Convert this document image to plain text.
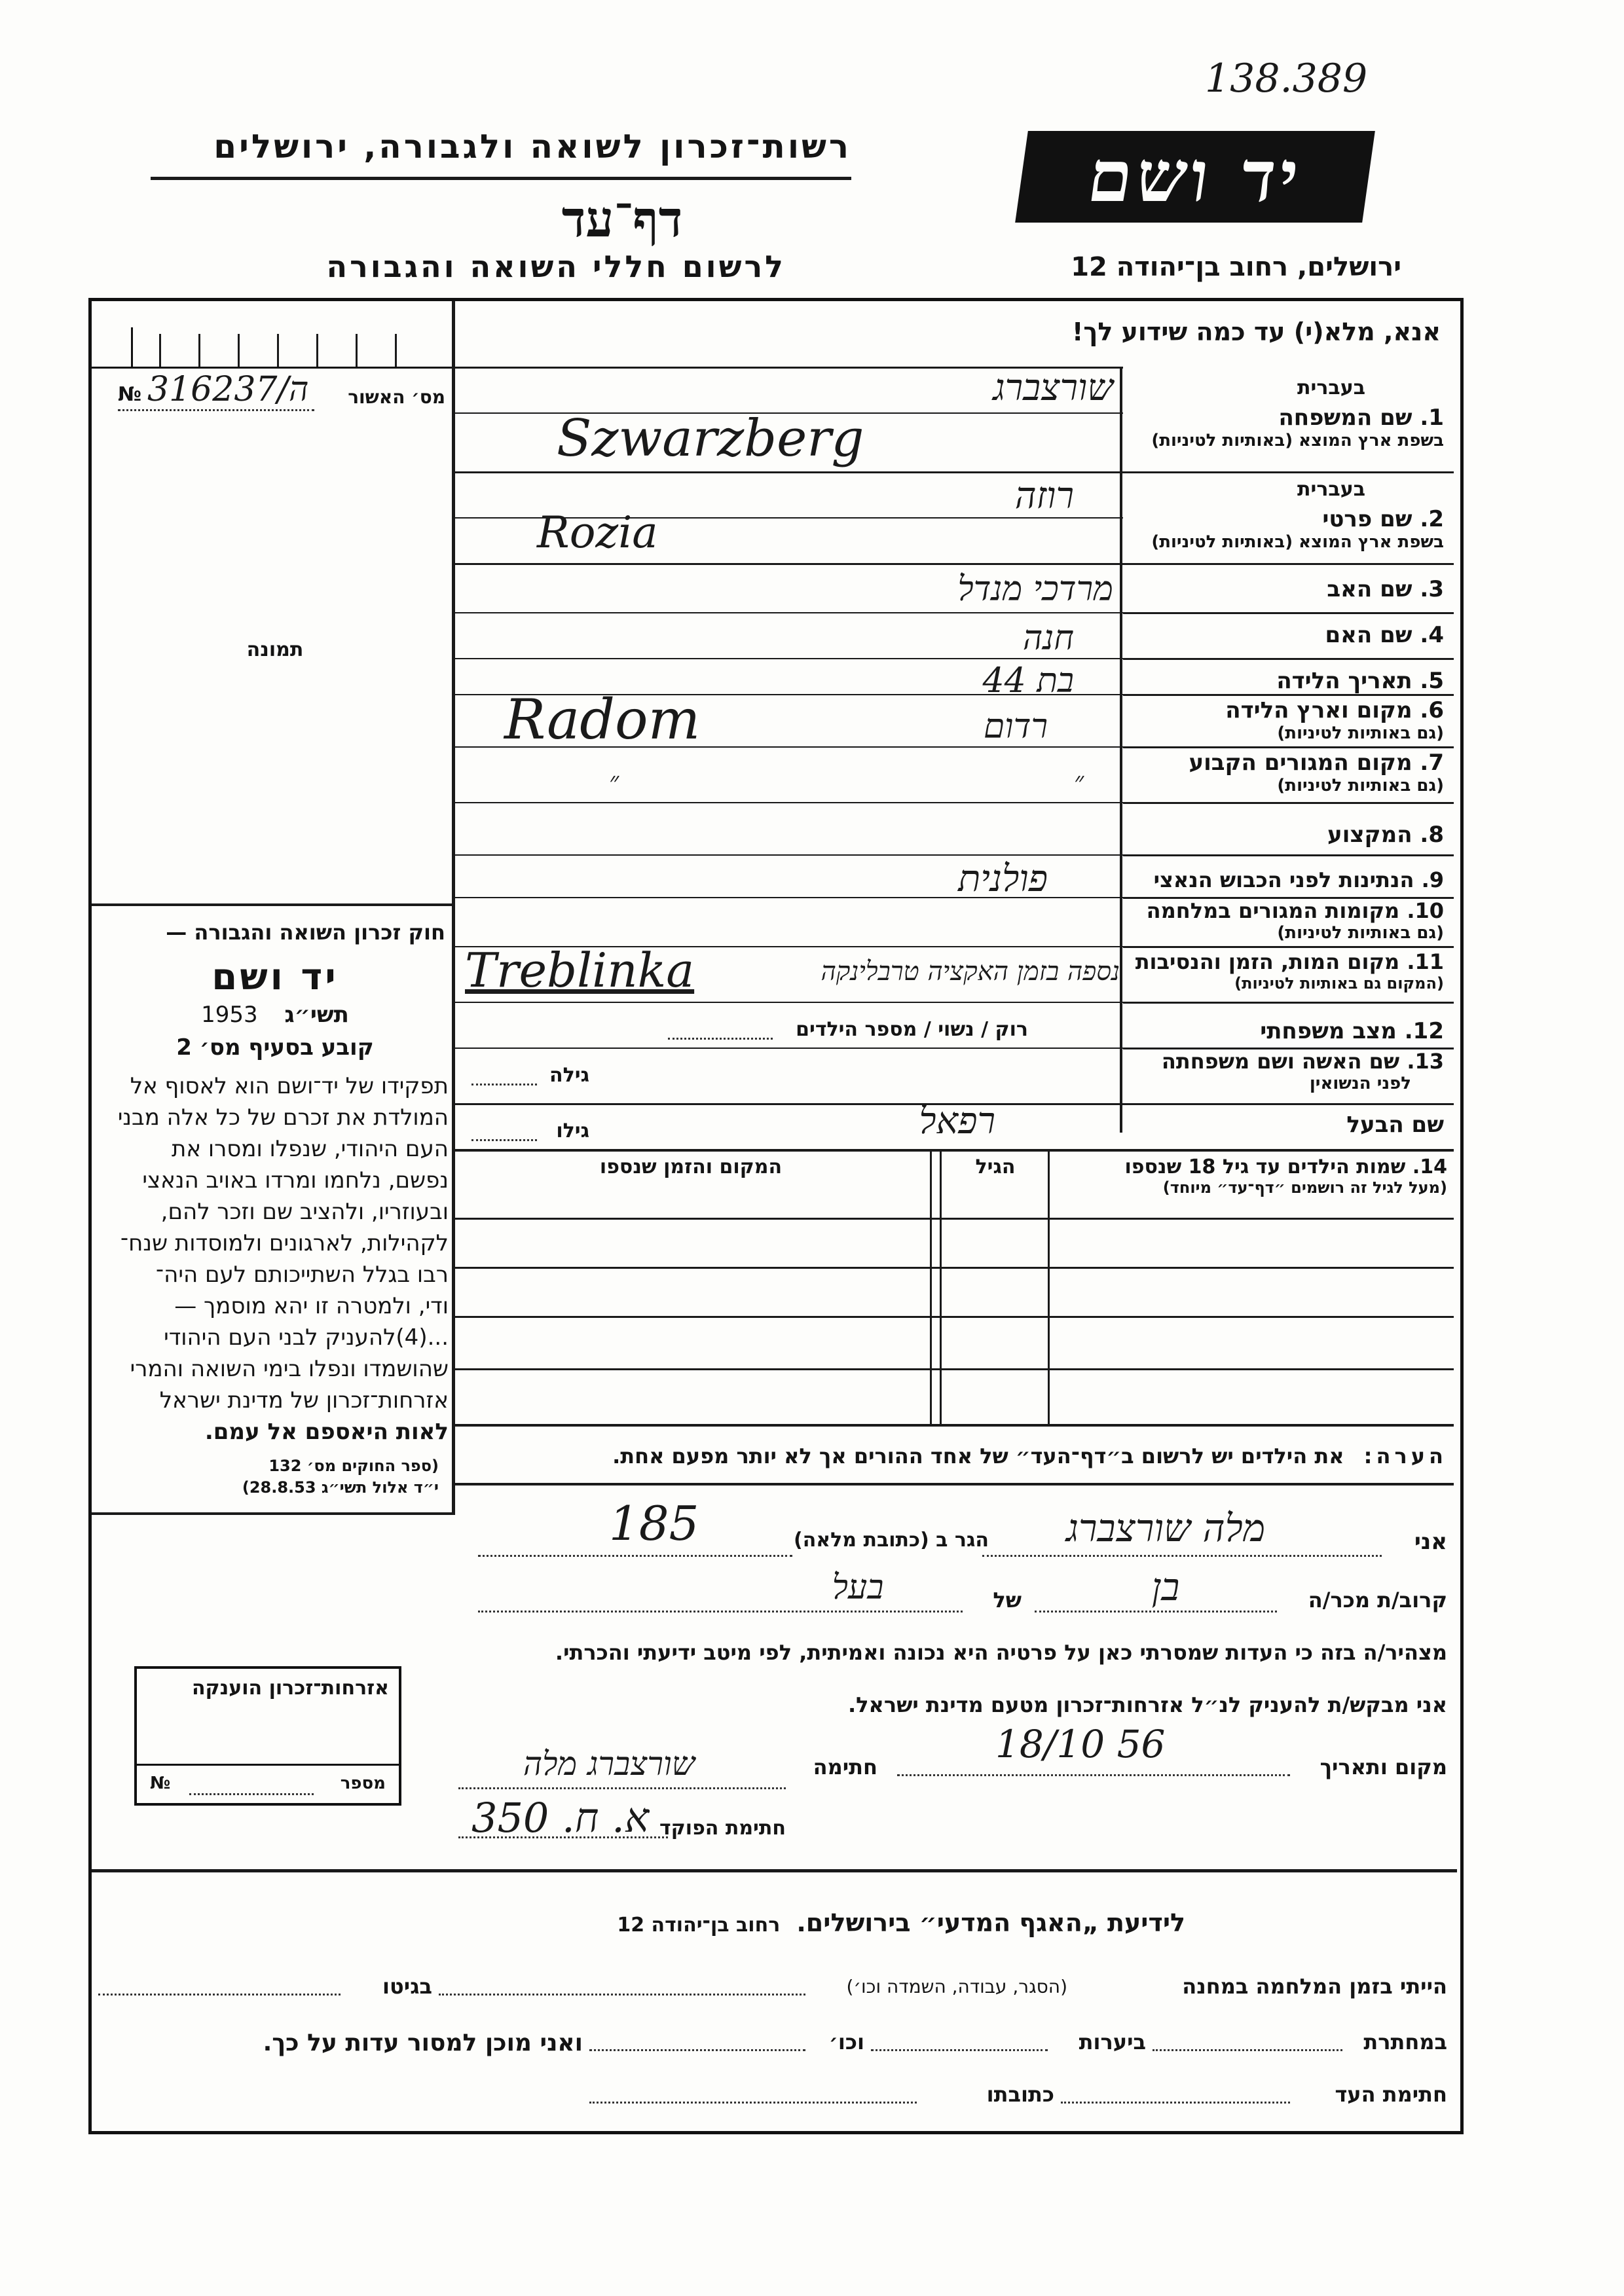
138.389
רשות־זכרון לשואה ולגבורה, ירושלים
דף־עד
לרשום חללי השואה והגבורה
יד ושם
ירושלים, רחוב בן־יהודה 12
אנא, מלא(י) עד כמה שידוע לך!
№ 316237/ה	מס׳ האשור
תמונה
חוק זכרון השואה והגבורה —
יד ושם
תשי״ג 1953
קובע בסעיף מס׳ 2
תפקידו של יד־ושם הוא לאסוף אל
המולדת את זכרם של כל אלה מבני
העם היהודי, שנפלו ומסרו את
נפשם, נלחמו ומרדו באויב הנאצי
ובעוזריו, ולהציב שם וזכר להם,
לקהילות, לארגונים ולמוסדות שנח־
רבו בגלל השתייכותם לעם היה־
ודי, ולמטרה זו יהא מוסמך —
...(4)להעניק לבני העם היהודי
שהושמדו ונפלו בימי השואה והמרי
אזרחות־זכרון של מדינת ישראל
לאות היאספם אל עמם.
(ספר החוקים מס׳ 132
י״ד אלול תשי״ג 28.8.53)
בעברית
1. שם המשפחה
בשפת ארץ המוצא (באותיות לטיניות)
בעברית
2. שם פרטי
בשפת ארץ המוצא (באותיות לטיניות)
3. שם האב
4. שם האם
5. תאריך הלידה
6. מקום וארץ הלידה
(גם באותיות לטיניות)
7. מקום המגורים הקבוע
(גם באותיות לטיניות)
8. המקצוע
9. הנתינות לפני הכבוש הנאצי
10. מקומות המגורים במלחמה
(גם באותיות לטיניות)
11. מקום המות, הזמן והנסיבות
(המקום גם באותיות לטיניות)
12. מצב משפחתי
13. שם האשה ושם משפחתה
לפני הנשואין
שם הבעל
שורצברג
Szwarzberg
רוזה
Rozia
מרדכי מנדל
חנה
בת 44
רדום
Radom
״
״
פולנית
נספה בזמן האקציה טרבלינקה
Treblinka
רוק / נשוי / מספר הילדים
גילה
רפאל
גילו
14. שמות הילדים עד גיל 18 שנספו
(מעל לגיל זה רושמים ״דף־עד״ מיוחד)
הגיל
המקום והזמן שנספו
הערה: את הילדים יש לרשום ב״דף־העד״ של אחד ההורים אך לא יותר מפעם אחת.
אני
מלה שורצברג
הגר ב (כתובת מלאה)
185
קרוב/ת מכר/ה
בן
של
בעל
מצהיר/ה בזה כי העדות שמסרתי כאן על פרטיה היא נכונה ואמיתית, לפי מיטב ידיעתי והכרתי.
אני מבקש/ת להעניק לנ״ל אזרחות־זכרון מטעם מדינת ישראל.
מקום ותאריך
18/10 56
חתימה
שורצברג מלה
חתימת הפוקד
א. ח. 350
אזרחות־זכרון הוענקה
№	מספר
לידיעת „האגף המדעי״ בירושלים. רחוב בן־יהודה 12
הייתי בזמן המלחמה במחנה
(הסגר, עבודה, השמדה וכו׳)
בגיטו
במחתרת
ביערות
וכו׳
ואני מוכן למסור עדות על כך.
חתימת העד
כתובתו
